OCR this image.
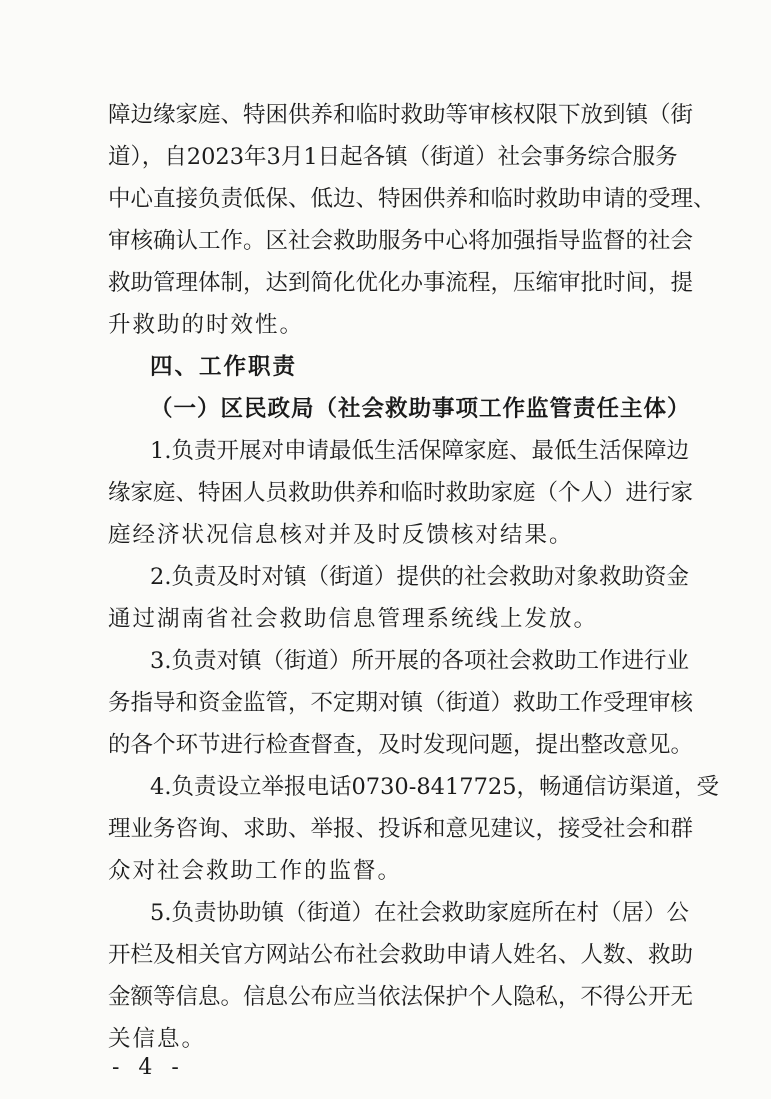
障边缘家庭、特困供养和临时救助等审核权限下放到镇（街
道），自2023年3月1日起各镇（街道）社会事务综合服务
中心直接负责低保、低边、特困供养和临时救助申请的受理、
审核确认工作。区社会救助服务中心将加强指导监督的社会
救助管理体制，达到简化优化办事流程，压缩审批时间，提
升救助的时效性。
四、工作职责
（一）区民政局（社会救助事项工作监管责任主体）
1.负责开展对申请最低生活保障家庭、最低生活保障边
缘家庭、特困人员救助供养和临时救助家庭（个人）进行家
庭经济状况信息核对并及时反馈核对结果。
2.负责及时对镇（街道）提供的社会救助对象救助资金
通过湖南省社会救助信息管理系统线上发放。
3.负责对镇（街道）所开展的各项社会救助工作进行业
务指导和资金监管，不定期对镇（街道）救助工作受理审核
的各个环节进行检查督查，及时发现问题，提出整改意见。
4.负责设立举报电话0730-8417725，畅通信访渠道，受
理业务咨询、求助、举报、投诉和意见建议，接受社会和群
众对社会救助工作的监督。
5.负责协助镇（街道）在社会救助家庭所在村（居）公
开栏及相关官方网站公布社会救助申请人姓名、人数、救助
金额等信息。信息公布应当依法保护个人隐私，不得公开无
关信息。
- 4 -
